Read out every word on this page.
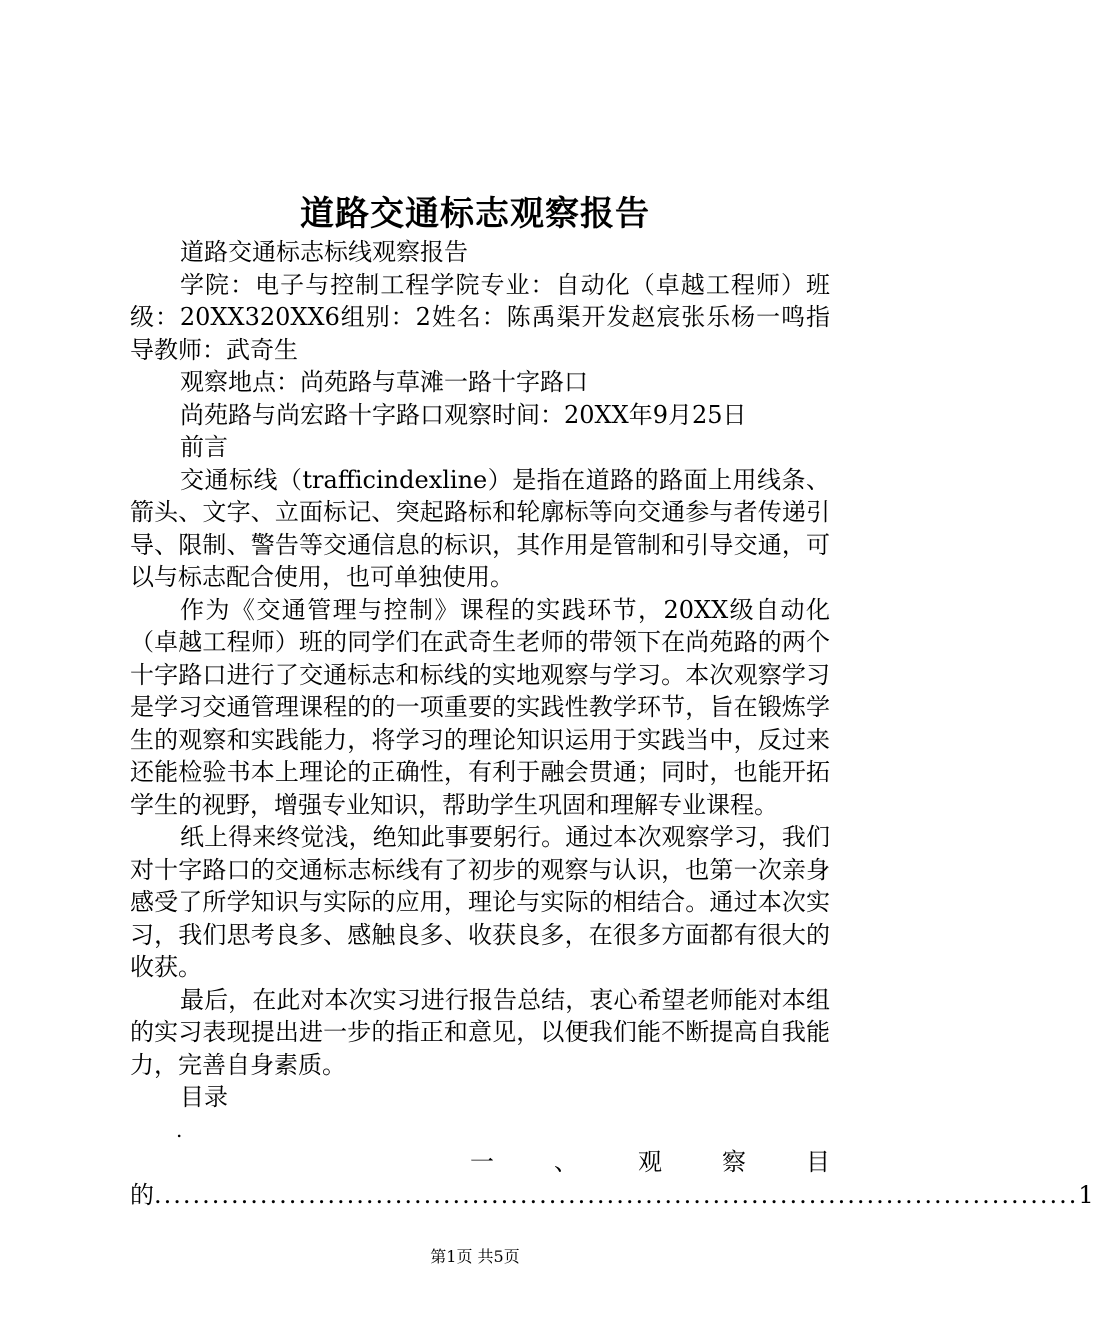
道路交通标志观察报告

道路交通标志标线观察报告

学院：电子与控制工程学院专业：自动化（卓越工程师）班级：20XX320XX6组别：2姓名：陈禹渠开发赵宸张乐杨一鸣指导教师：武奇生

观察地点：尚苑路与草滩一路十字路口

尚苑路与尚宏路十字路口观察时间：20XX年9月25日

前言

交通标线（trafficindexline）是指在道路的路面上用线条、箭头、文字、立面标记、突起路标和轮廓标等向交通参与者传递引导、限制、警告等交通信息的标识，其作用是管制和引导交通，可以与标志配合使用，也可单独使用。

作为《交通管理与控制》课程的实践环节，20XX级自动化（卓越工程师）班的同学们在武奇生老师的带领下在尚苑路的两个十字路口进行了交通标志和标线的实地观察与学习。本次观察学习是学习交通管理课程的的一项重要的实践性教学环节，旨在锻炼学生的观察和实践能力，将学习的理论知识运用于实践当中，反过来还能检验书本上理论的正确性，有利于融会贯通；同时，也能开拓学生的视野，增强专业知识，帮助学生巩固和理解专业课程。

纸上得来终觉浅，绝知此事要躬行。通过本次观察学习，我们对十字路口的交通标志标线有了初步的观察与认识，也第一次亲身感受了所学知识与实际的应用，理论与实际的相结合。通过本次实习，我们思考良多、感触良多、收获良多，在很多方面都有很大的收获。

最后，在此对本次实习进行报告总结，衷心希望老师能对本组的实习表现提出进一步的指正和意见，以便我们能不断提高自我能力，完善自身素质。

目录

.

一	、	观	察	目
的 ................................................................................................ 1
第1页 共5页
